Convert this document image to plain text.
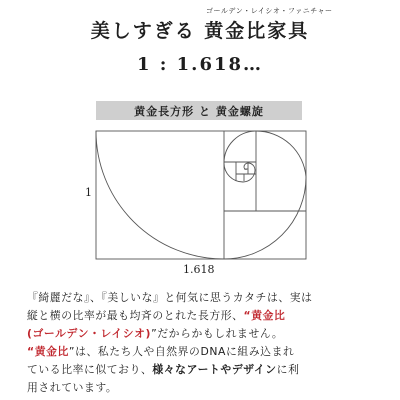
ゴールデン・レイシオ・ファニチャー
美しすぎる 黄金比家具
1 : 1.618…
黄金長方形 と 黄金螺旋
1
1.618
『綺麗だな』、『美しいな』と何気に思うカタチは、実は
縦と横の比率が最も均斉のとれた長方形、“黄金比
(ゴールデン・レイシオ)”だからかもしれません。
“黄金比”は、私たち人や自然界のDNAに組み込まれ
ている比率に似ており、様々なアートやデザインに利
用されています。
